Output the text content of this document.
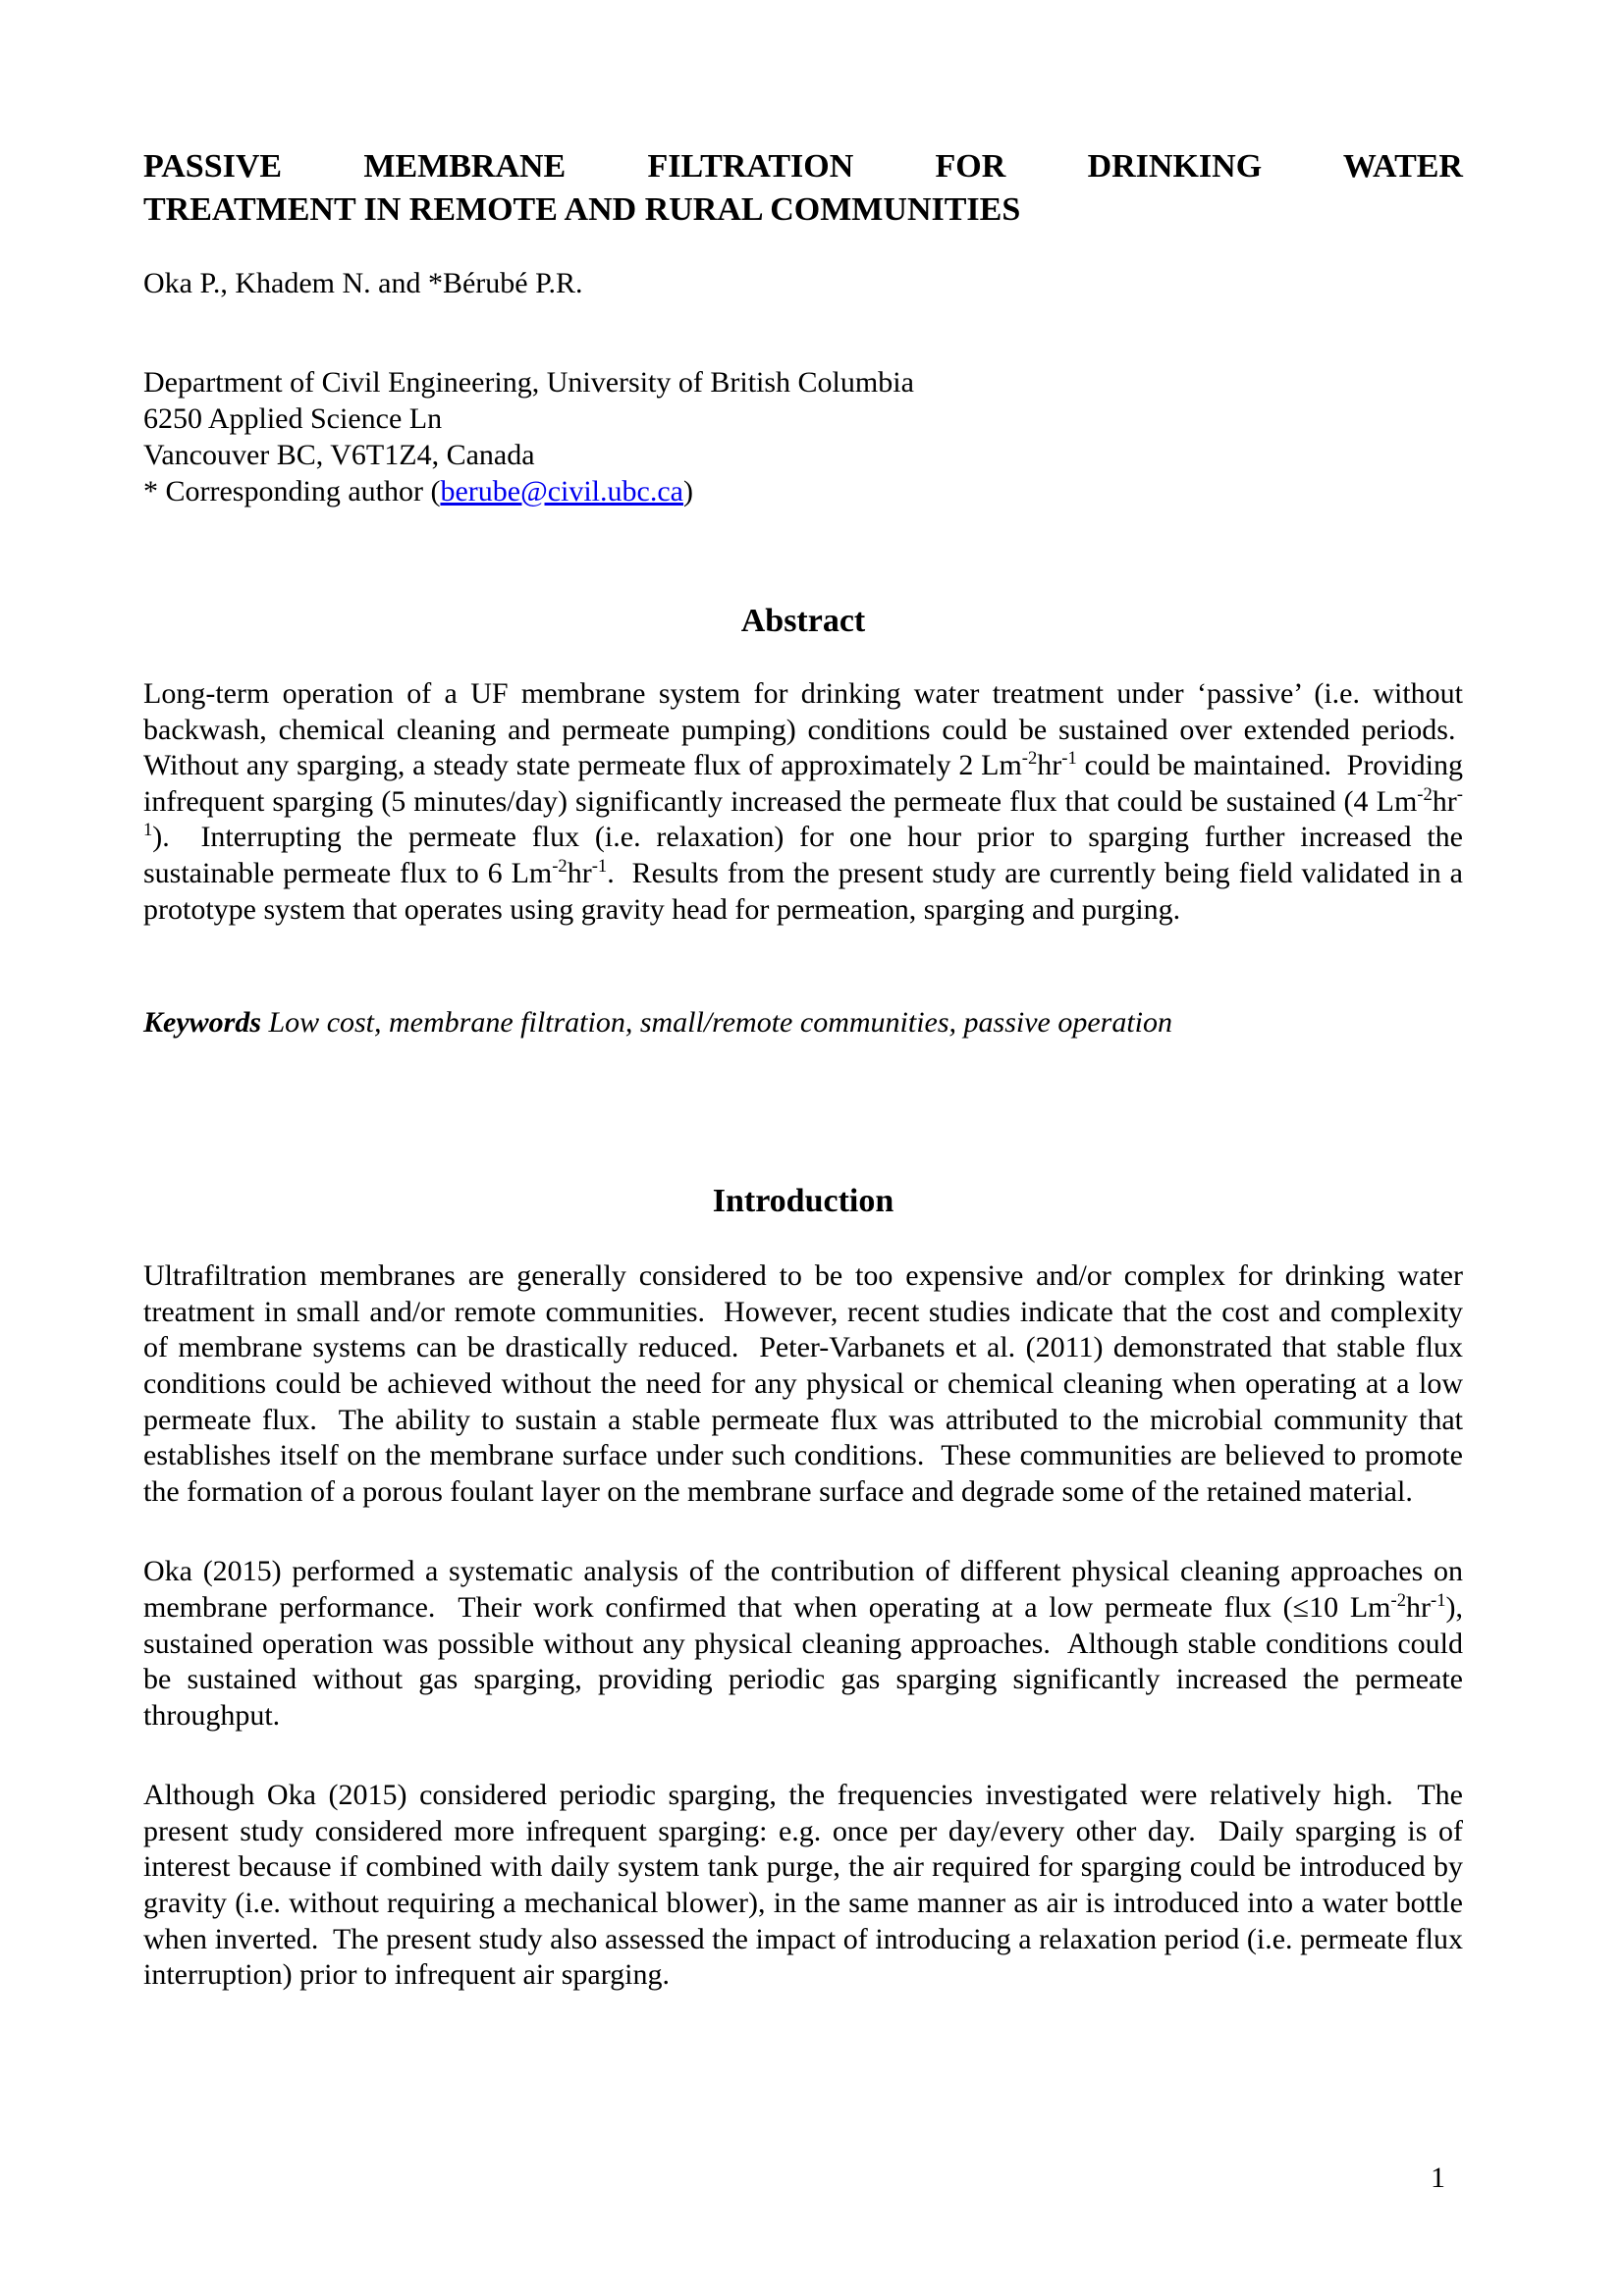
PASSIVE MEMBRANE FILTRATION FOR DRINKING WATER
TREATMENT IN REMOTE AND RURAL COMMUNITIES
Oka P., Khadem N. and *Bérubé P.R.
Department of Civil Engineering, University of British Columbia
6250 Applied Science Ln
Vancouver BC, V6T1Z4, Canada
* Corresponding author (berube@civil.ubc.ca)
Abstract

Long-term operation of a UF membrane system for drinking water treatment under ‘passive’ (i.e. without backwash, chemical cleaning and permeate pumping) conditions could be sustained over extended periods.  Without any sparging, a steady state permeate flux of approximately 2 $Lm^{-2}hr^{-1}$ could be maintained.  Providing infrequent sparging (5 minutes/day) significantly increased the permeate flux that could be sustained (4 $Lm^{-2}hr^{-1}$).  Interrupting the permeate flux (i.e. relaxation) for one hour prior to sparging further increased the sustainable permeate flux to 6 $Lm^{-2}hr^{-1}$.  Results from the present study are currently being field validated in a prototype system that operates using gravity head for permeation, sparging and purging.

Keywords Low cost, membrane filtration, small/remote communities, passive operation
Introduction

Ultrafiltration membranes are generally considered to be too expensive and/or complex for drinking water treatment in small and/or remote communities.  However, recent studies indicate that the cost and complexity of membrane systems can be drastically reduced.  Peter-Varbanets et al. (2011) demonstrated that stable flux conditions could be achieved without the need for any physical or chemical cleaning when operating at a low permeate flux.  The ability to sustain a stable permeate flux was attributed to the microbial community that establishes itself on the membrane surface under such conditions.  These communities are believed to promote the formation of a porous foulant layer on the membrane surface and degrade some of the retained material.

Oka (2015) performed a systematic analysis of the contribution of different physical cleaning approaches on membrane performance.  Their work confirmed that when operating at a low permeate flux (≤10 $Lm^{-2}hr^{-1}$), sustained operation was possible without any physical cleaning approaches.  Although stable conditions could be sustained without gas sparging, providing periodic gas sparging significantly increased the permeate throughput.

Although Oka (2015) considered periodic sparging, the frequencies investigated were relatively high.  The present study considered more infrequent sparging: e.g. once per day/every other day.  Daily sparging is of interest because if combined with daily system tank purge, the air required for sparging could be introduced by gravity (i.e. without requiring a mechanical blower), in the same manner as air is introduced into a water bottle when inverted.  The present study also assessed the impact of introducing a relaxation period (i.e. permeate flux interruption) prior to infrequent air sparging.

1
